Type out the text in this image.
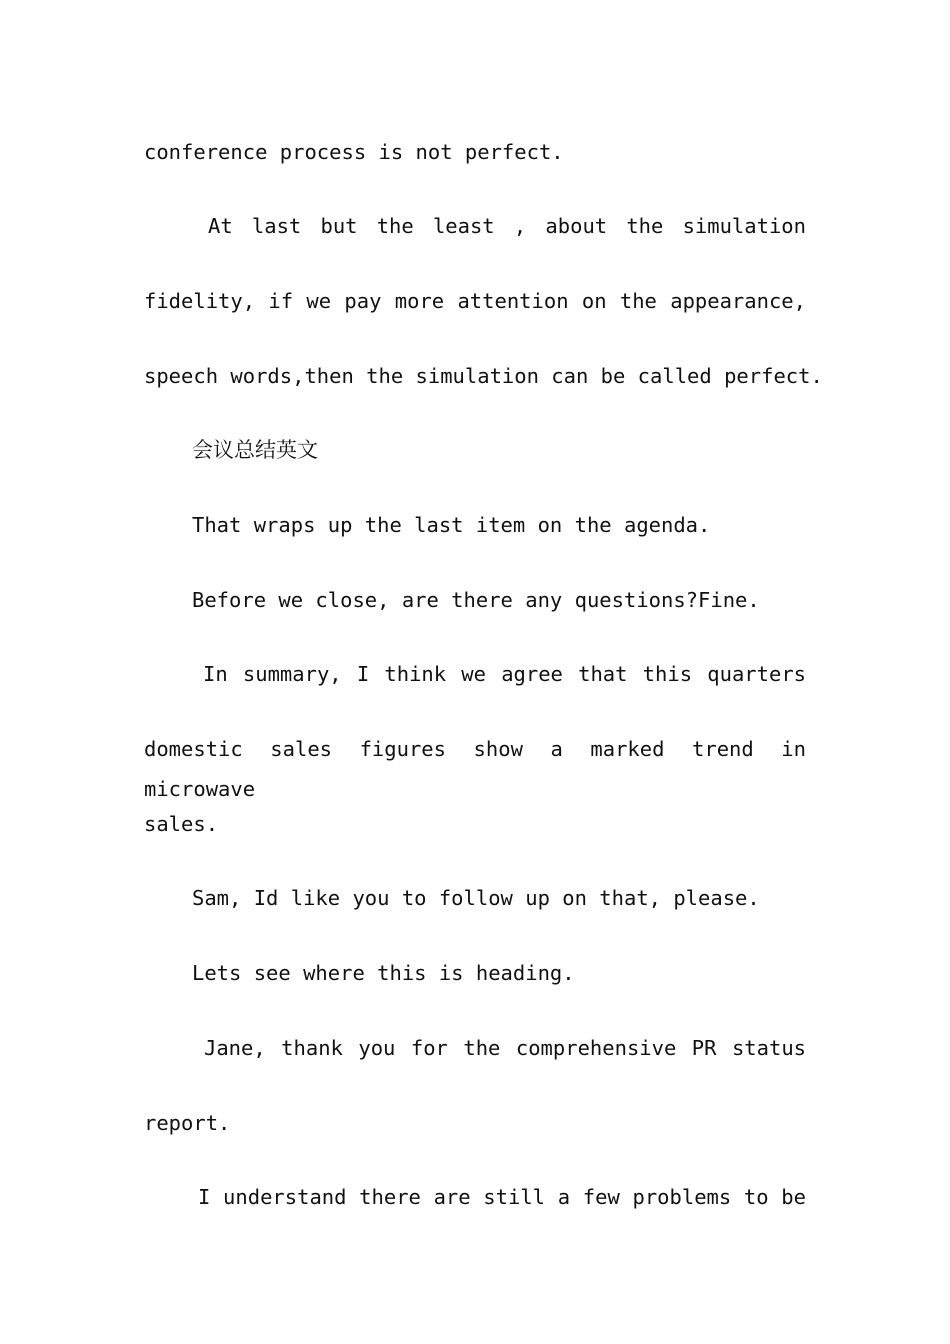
conference process is not perfect.
At last but the least , about the simulation
fidelity, if we pay more attention on the appearance,
speech words,then the simulation can be called perfect.
会议总结英文
That wraps up the last item on the agenda.
Before we close, are there any questions?Fine.
In summary, I think we agree that this quarters
domestic sales figures show a marked trend in microwave
sales.
Sam, Id like you to follow up on that, please.
Lets see where this is heading.
Jane, thank you for the comprehensive PR status
report.
I understand there are still a few problems to be
